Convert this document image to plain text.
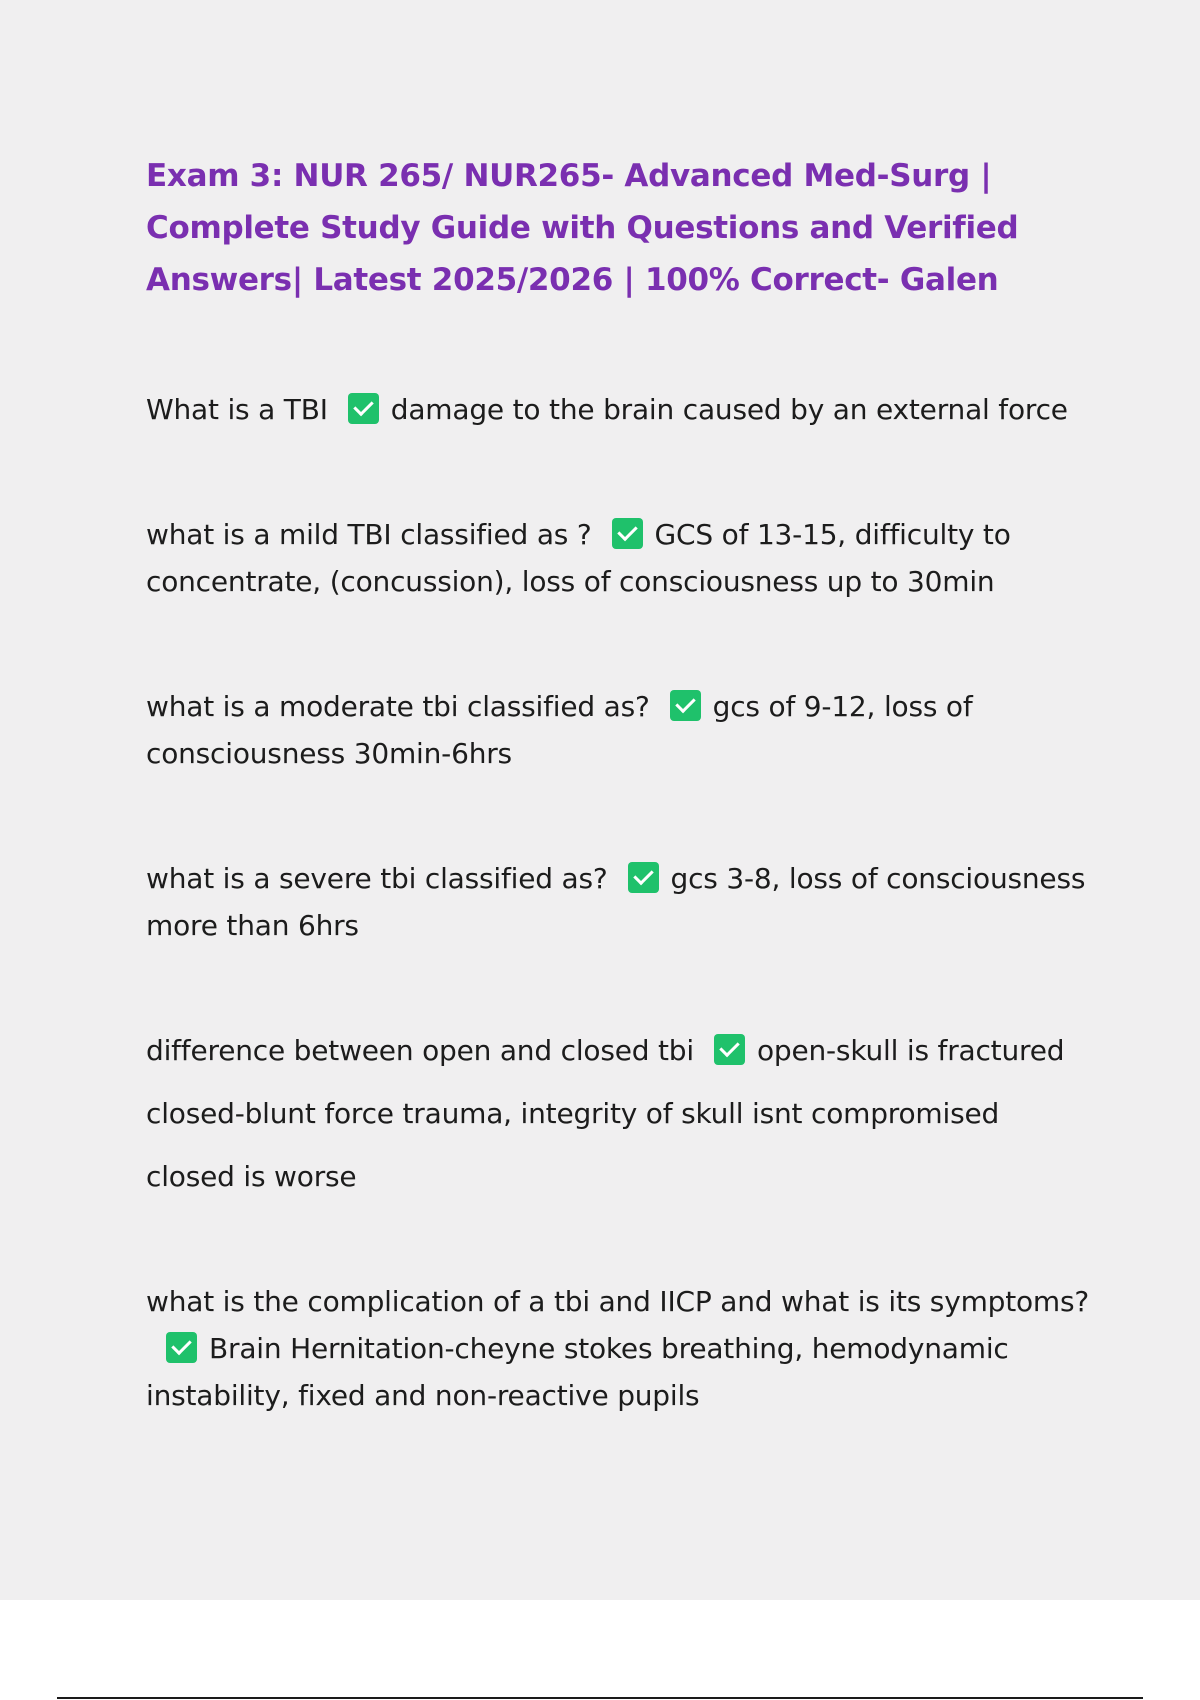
Exam 3: NUR 265/ NUR265- Advanced Med-Surg | Complete Study Guide with Questions and Verified Answers| Latest 2025/2026 | 100% Correct- Galen

What is a TBI damage to the brain caused by an external force

what is a mild TBI classified as ? GCS of 13-15, difficulty to concentrate, (concussion), loss of consciousness up to 30min

what is a moderate tbi classified as? gcs of 9-12, loss of consciousness 30min-6hrs

what is a severe tbi classified as? gcs 3-8, loss of consciousness more than 6hrs

difference between open and closed tbi open-skull is fractured
closed-blunt force trauma, integrity of skull isnt compromised
closed is worse

what is the complication of a tbi and IICP and what is its symptoms?Brain Hernitation-cheyne stokes breathing, hemodynamic instability, fixed and non-reactive pupils
